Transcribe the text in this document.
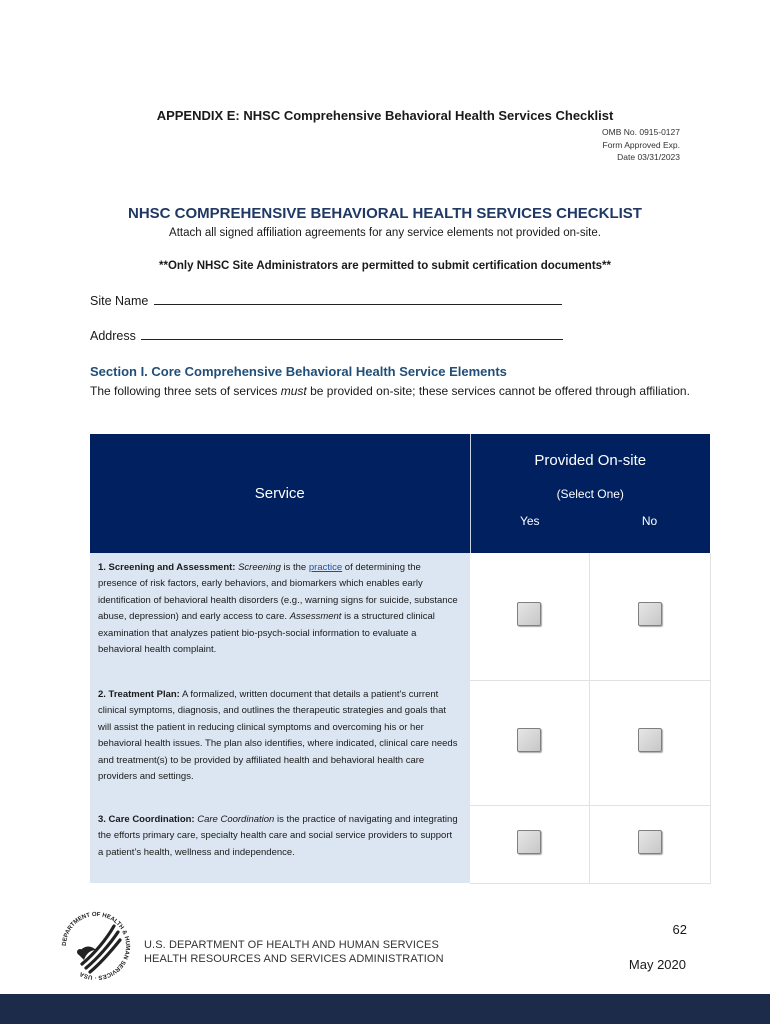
APPENDIX E: NHSC Comprehensive Behavioral Health Services Checklist
OMB No. 0915-0127
Form Approved Exp.
Date 03/31/2023
NHSC COMPREHENSIVE BEHAVIORAL HEALTH SERVICES CHECKLIST
Attach all signed affiliation agreements for any service elements not provided on-site.
**Only NHSC Site Administrators are permitted to submit certification documents**
Site Name
Address
Section I. Core Comprehensive Behavioral Health Service Elements
The following three sets of services must be provided on-site; these services cannot be offered through affiliation.
Service	Provided On-site	
	(Select One)	
	Yes	No
1. Screening and Assessment: Screening is the practice of determining the presence of risk factors, early behaviors, and biomarkers which enables early identification of behavioral health disorders (e.g., warning signs for suicide, substance abuse, depression) and early access to care. Assessment is a structured clinical examination that analyzes patient bio-psych-social information to evaluate a behavioral health complaint.		
2. Treatment Plan: A formalized, written document that details a patient's current clinical symptoms, diagnosis, and outlines the therapeutic strategies and goals that will assist the patient in reducing clinical symptoms and overcoming his or her behavioral health issues. The plan also identifies, where indicated, clinical care needs and treatment(s) to be provided by affiliated health and behavioral health care providers and settings.		
3. Care Coordination: Care Coordination is the practice of navigating and integrating the efforts primary care, specialty health care and social service providers to support a patient’s health, wellness and independence.		
DEPARTMENT OF HEALTH & HUMAN SERVICES · USA
U.S. DEPARTMENT OF HEALTH AND HUMAN SERVICES
HEALTH RESOURCES AND SERVICES ADMINISTRATION
62
May 2020
